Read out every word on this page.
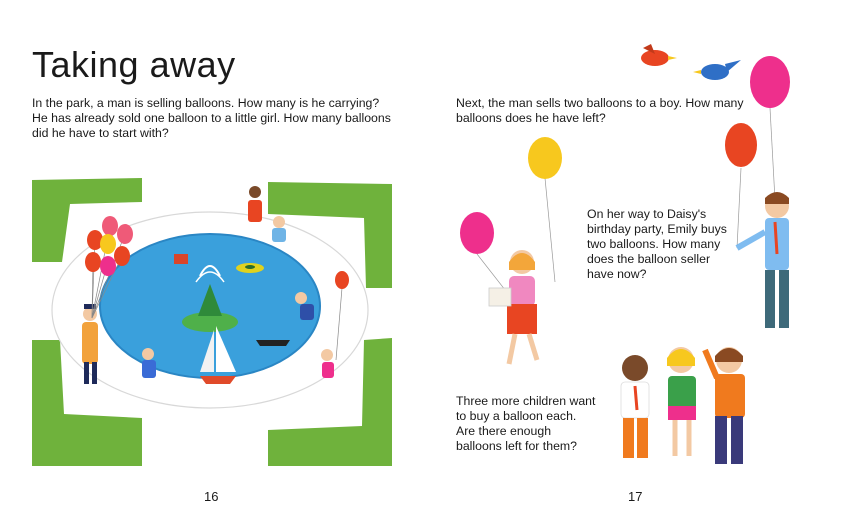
Taking away

In the park, a man is selling balloons. How many is he carrying? He has already sold one balloon to a little girl. How many balloons did he have to start with?

16

Next, the man sells two balloons to a boy. How many balloons does he have left?

On her way to Daisy's birthday party, Emily buys two balloons. How many does the balloon seller have now?

Three more children want to buy a balloon each. Are there enough balloons left for them?

17
